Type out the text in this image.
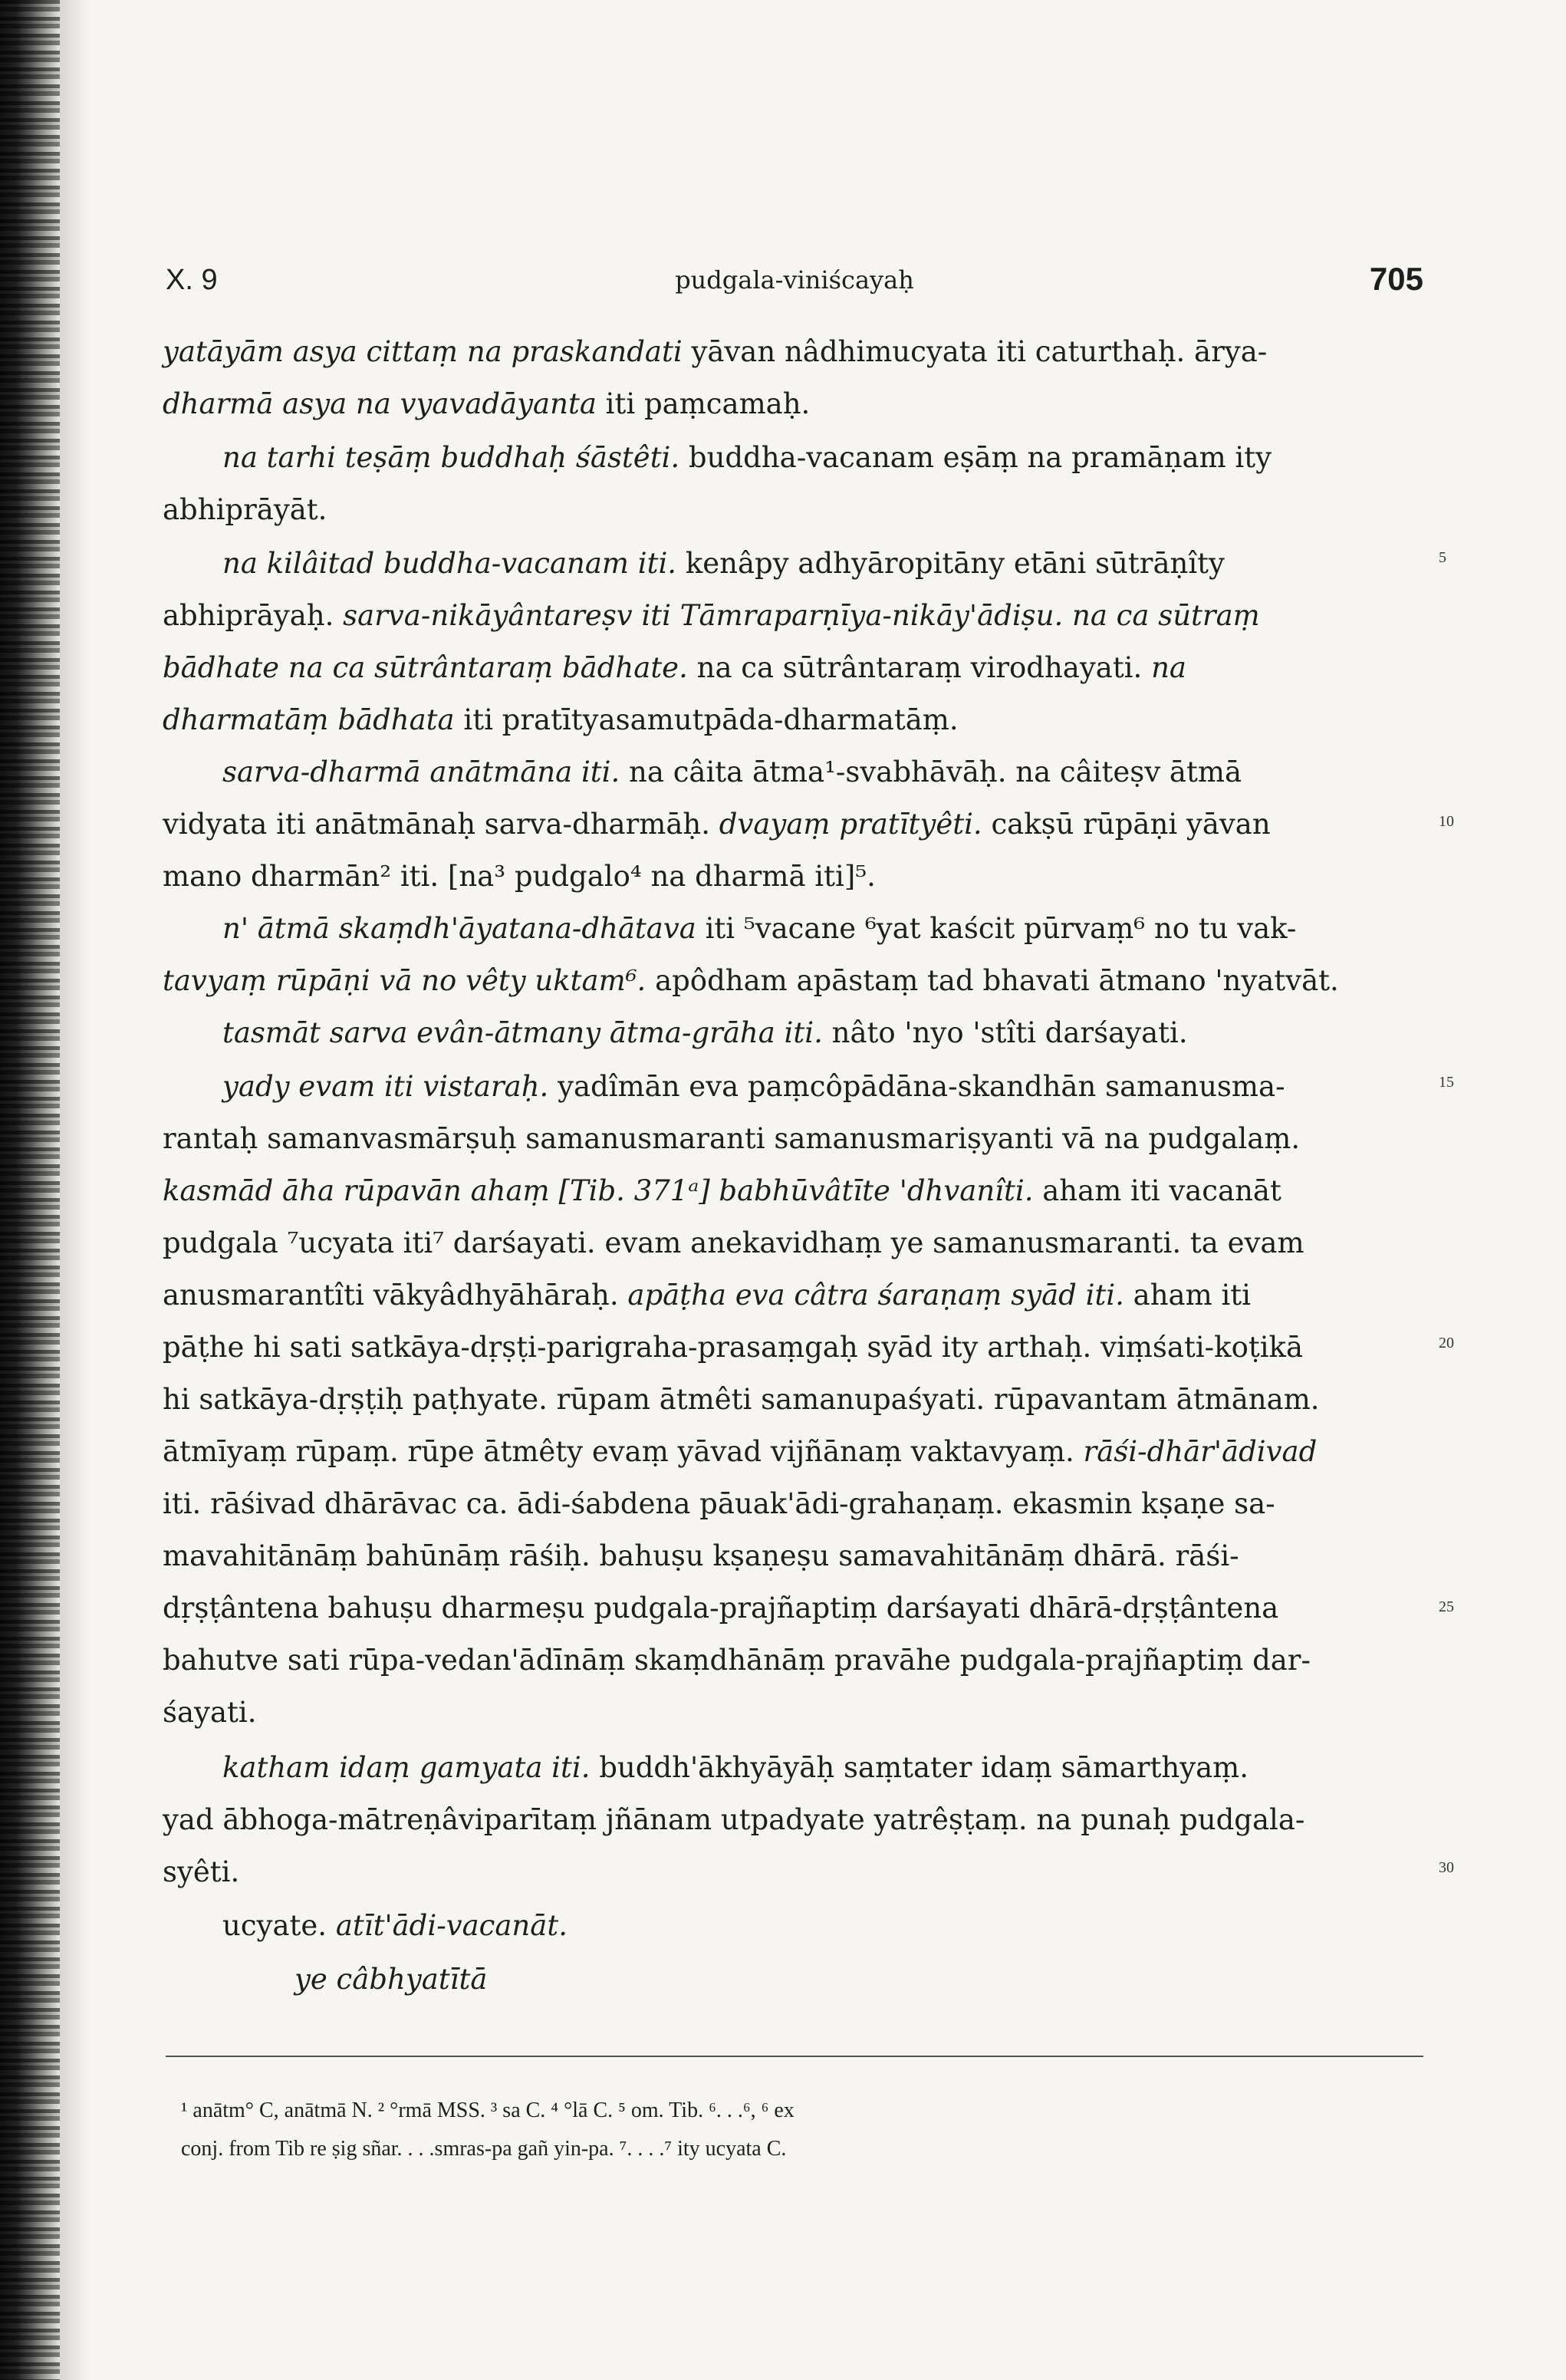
X. 9	pudgala-viniścayaḥ	705
yatāyām asya cittaṃ na praskandati yāvan nâdhimucyata iti caturthaḥ. ārya-
dharmā asya na vyavadāyanta iti paṃcamaḥ.
na tarhi teṣāṃ buddhaḥ śāstêti. buddha-vacanam eṣāṃ na pramāṇam ity
abhiprāyāt.
na kilâitad buddha-vacanam iti. kenâpy adhyāropitāny etāni sūtrāṇîty
abhiprāyaḥ. sarva-nikāyântareṣv iti Tāmraparṇīya-nikāy'ādiṣu. na ca sūtraṃ
bādhate na ca sūtrântaraṃ bādhate. na ca sūtrântaraṃ virodhayati. na
dharmatāṃ bādhata iti pratītyasamutpāda-dharmatāṃ.
sarva-dharmā anātmāna iti. na câita ātma¹-svabhāvāḥ. na câiteṣv ātmā
vidyata iti anātmānaḥ sarva-dharmāḥ. dvayaṃ pratītyêti. cakṣū rūpāṇi yāvan
mano dharmān² iti. [na³ pudgalo⁴ na dharmā iti]⁵.
n' ātmā skaṃdh'āyatana-dhātava iti ⁵vacane ⁶yat kaścit pūrvaṃ⁶ no tu vak-
tavyaṃ rūpāṇi vā no vêty uktam⁶. apôdham apāstaṃ tad bhavati ātmano 'nyatvāt.
tasmāt sarva evân-ātmany ātma-grāha iti. nâto 'nyo 'stîti darśayati.
yady evam iti vistaraḥ. yadîmān eva paṃcôpādāna-skandhān samanusma-
rantaḥ samanvasmārṣuḥ samanusmaranti samanusmariṣyanti vā na pudgalaṃ.
kasmād āha rūpavān ahaṃ [Tib. 371ᵃ] babhūvâtīte 'dhvanîti. aham iti vacanāt
pudgala ⁷ucyata iti⁷ darśayati. evam anekavidhaṃ ye samanusmaranti. ta evam
anusmarantîti vākyâdhyāhāraḥ. apāṭha eva câtra śaraṇaṃ syād iti. aham iti
pāṭhe hi sati satkāya-dṛṣṭi-parigraha-prasaṃgaḥ syād ity arthaḥ. viṃśati-koṭikā
hi satkāya-dṛṣṭiḥ paṭhyate. rūpam ātmêti samanupaśyati. rūpavantam ātmānam.
ātmīyaṃ rūpaṃ. rūpe ātmêty evaṃ yāvad vijñānaṃ vaktavyaṃ. rāśi-dhār'ādivad
iti. rāśivad dhārāvac ca. ādi-śabdena pāuak'ādi-grahaṇaṃ. ekasmin kṣaṇe sa-
mavahitānāṃ bahūnāṃ rāśiḥ. bahuṣu kṣaṇeṣu samavahitānāṃ dhārā. rāśi-
dṛṣṭântena bahuṣu dharmeṣu pudgala-prajñaptiṃ darśayati dhārā-dṛṣṭântena
bahutve sati rūpa-vedan'ādīnāṃ skaṃdhānāṃ pravāhe pudgala-prajñaptiṃ dar-
śayati.
katham idaṃ gamyata iti. buddh'ākhyāyāḥ saṃtater idaṃ sāmarthyaṃ.
yad ābhoga-mātreṇâviparītaṃ jñānam utpadyate yatrêṣṭaṃ. na punaḥ pudgala-
syêti.
ucyate. atīt'ādi-vacanāt.
ye câbhyatītā
5
10
15
20
25
30
¹ anātm° C, anātmā N. ² °rmā MSS. ³ sa C. ⁴ °lā C. ⁵ om. Tib. ⁶. . .⁶, ⁶ ex
conj. from Tib re ṣig sñar. . . .smras-pa gañ yin-pa. ⁷. . . .⁷ ity ucyata C.
